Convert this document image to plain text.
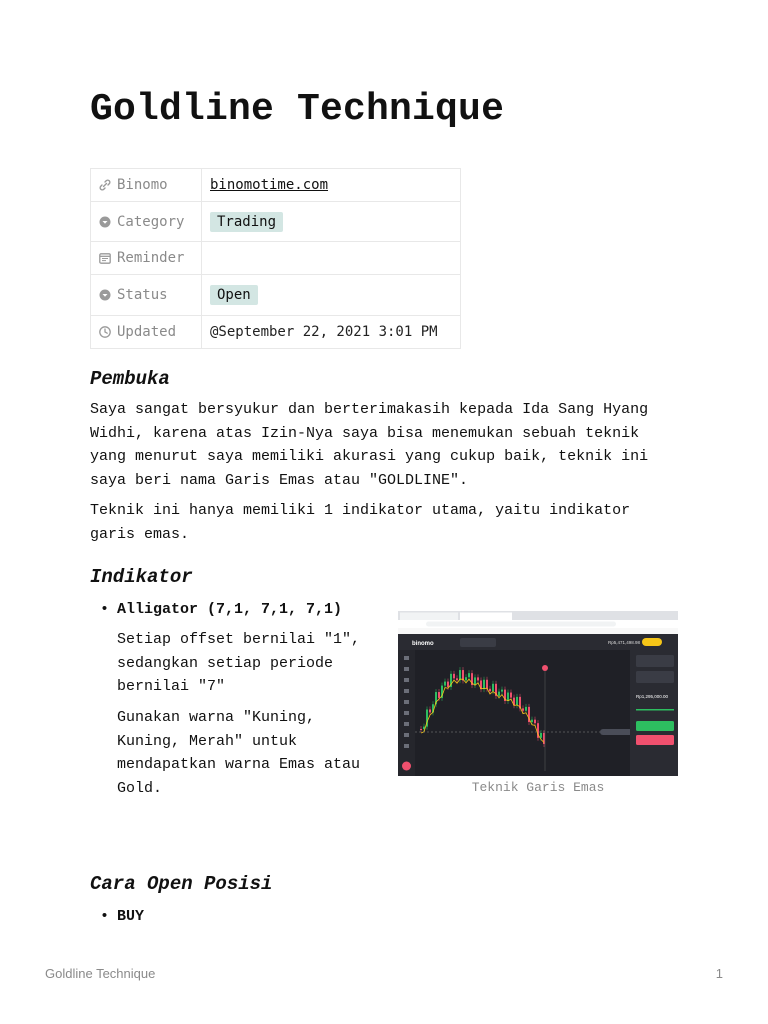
Goldline Technique
Binomo	binomotime.com
Category	Trading
Reminder	
Status	Open
Updated	@September 22, 2021 3:01 PM
Pembuka

Saya sangat bersyukur dan berterimakasih kepada Ida Sang Hyang Widhi, karena atas Izin-Nya saya bisa menemukan sebuah teknik yang menurut saya memiliki akurasi yang cukup baik, teknik ini saya beri nama Garis Emas atau "GOLDLINE".

Teknik ini hanya memiliki 1 indikator utama, yaitu indikator garis emas.

Indikator

• Alligator (7,1, 7,1, 7,1)

Setiap offset bernilai "1", sedangkan setiap periode bernilai "7"

Gunakan warna "Kuning, Kuning, Merah" untuk mendapatkan warna Emas atau Gold.

binomo	Rp5,471,498.98
Rp1,295,000.00
Teknik Garis Emas
Cara Open Posisi

• BUY

Goldline Technique	1
